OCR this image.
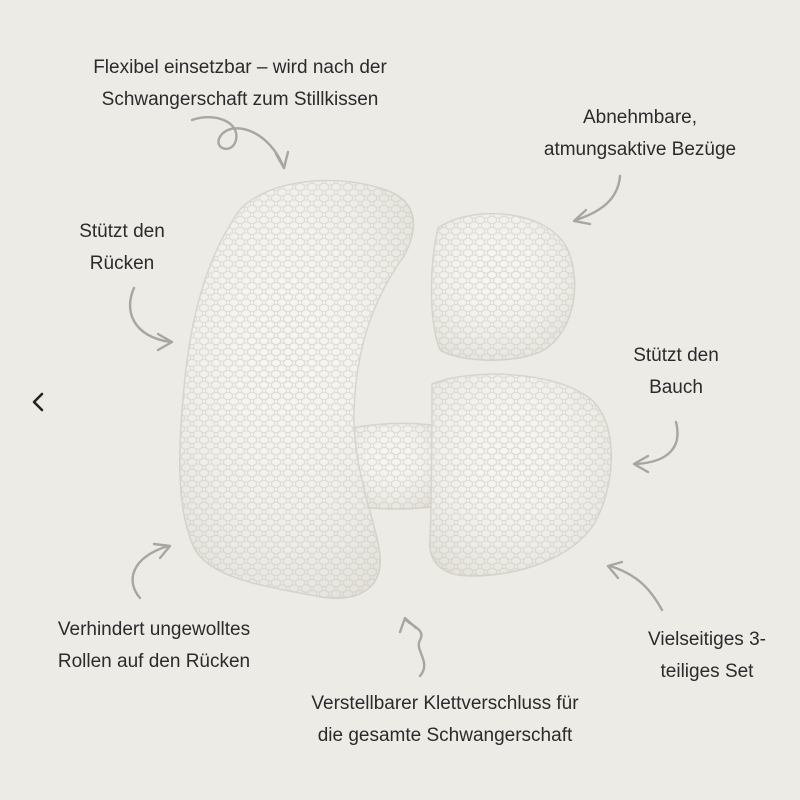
Flexibel einsetzbar – wird nach der
Schwangerschaft zum Stillkissen
Abnehmbare,
atmungsaktive Bezüge
Stützt den
Rücken
Stützt den
Bauch
Verhindert ungewolltes
Rollen auf den Rücken
Vielseitiges 3-
teiliges Set
Verstellbarer Klettverschluss für
die gesamte Schwangerschaft
